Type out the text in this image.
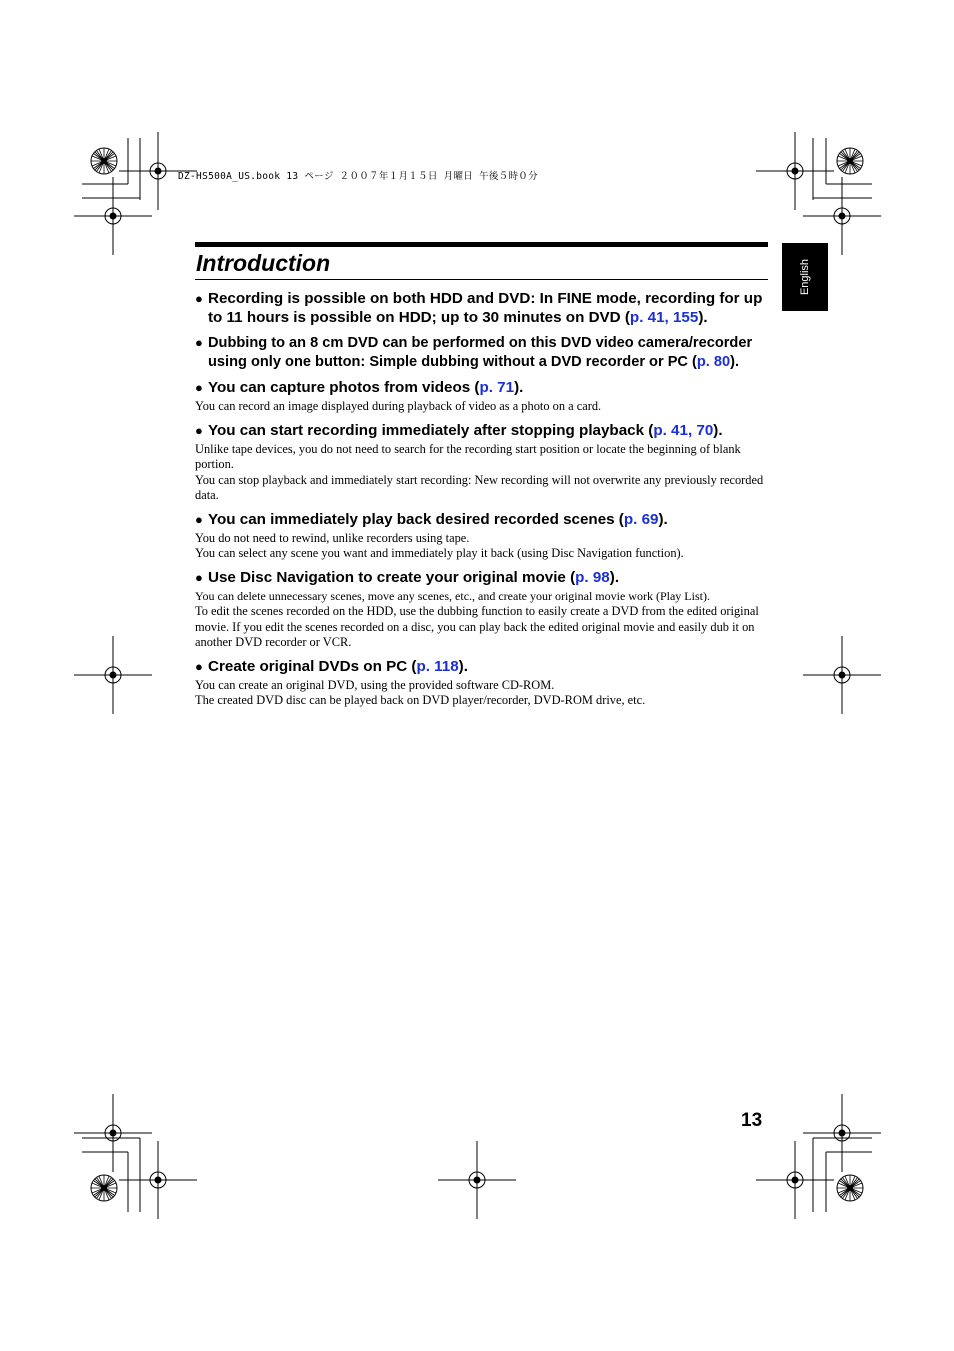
DZ-HS500A_US.book 13 ページ ２００７年１月１５日 月曜日 午後５時０分
Introduction	English
● Recording is possible on both HDD and DVD: In FINE mode, recording for up to 11 hours is possible on HDD; up to 30 minutes on DVD (p. 41, 155).
● Dubbing to an 8 cm DVD can be performed on this DVD video camera/recorder using only one button: Simple dubbing without a DVD recorder or PC (p. 80).
● You can capture photos from videos (p. 71).
You can record an image displayed during playback of video as a photo on a card.
● You can start recording immediately after stopping playback (p. 41, 70).
Unlike tape devices, you do not need to search for the recording start position or locate the beginning of blank portion.
You can stop playback and immediately start recording: New recording will not overwrite any previously recorded data.
● You can immediately play back desired recorded scenes (p. 69).
You do not need to rewind, unlike recorders using tape.
You can select any scene you want and immediately play it back (using Disc Navigation function).
● Use Disc Navigation to create your original movie (p. 98).
You can delete unnecessary scenes, move any scenes, etc., and create your original movie work (Play List).
To edit the scenes recorded on the HDD, use the dubbing function to easily create a DVD from the edited original movie. If you edit the scenes recorded on a disc, you can play back the edited original movie and easily dub it on another DVD recorder or VCR.
● Create original DVDs on PC (p. 118).
You can create an original DVD, using the provided software CD-ROM.
The created DVD disc can be played back on DVD player/recorder, DVD-ROM drive, etc.
13
